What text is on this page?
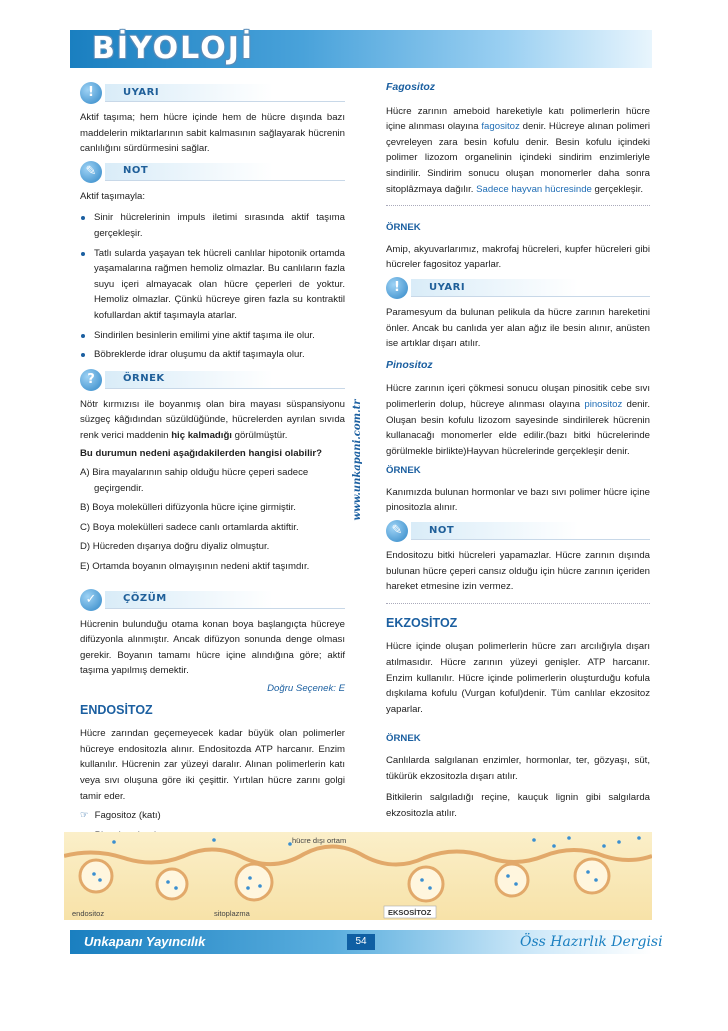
BİYOLOJİ
!	UYARI
Aktif taşıma; hem hücre içinde hem de hücre dışında bazı maddelerin miktarlarının sabit kalmasının sağlayarak hücrenin canlılığını sürdürmesini sağlar.
✎	NOT
Aktif taşımayla:
Sinir hücrelerinin impuls iletimi sırasında aktif taşıma gerçekleşir.
Tatlı sularda yaşayan tek hücreli canlılar hipotonik ortamda yaşamalarına rağmen hemoliz olmazlar. Bu canlıların fazla suyu içeri almayacak olan hücre çeperleri de yoktur. Hemoliz olmazlar. Çünkü hücreye giren fazla su kontraktil kofullardan aktif taşımayla atarlar.
Sindirilen besinlerin emilimi yine aktif taşıma ile olur.
Böbreklerde idrar oluşumu da aktif taşımayla olur.
?	ÖRNEK
Nötr kırmızısı ile boyanmış olan bira mayası süspansiyonu süzgeç kâğıdından süzüldüğünde, hücrelerden ayrılan sıvıda renk verici maddenin hiç kalmadığı görülmüştür.
Bu durumun nedeni aşağıdakilerden hangisi olabilir?
A) Bira mayalarının sahip olduğu hücre çeperi sadece geçirgendir.
B) Boya molekülleri difüzyonla hücre içine girmiştir.
C) Boya molekülleri sadece canlı ortamlarda aktiftir.
D) Hücreden dışarıya doğru diyaliz olmuştur.
E) Ortamda boyanın olmayışının nedeni aktif taşımdır.
✓	ÇÖZÜM
Hücrenin bulunduğu otama konan boya başlangıçta hücreye difüzyonla alınmıştır. Ancak difüzyon sonunda denge olması gerekir. Boyanın tamamı hücre içine alındığına göre; aktif taşıma yapılmış demektir.
Doğru Seçenek: E
ENDOSİTOZ
Hücre zarından geçemeyecek kadar büyük olan polimerler hücreye endositozla alınır. Endositozda ATP harcanır. Enzim kullanılır. Hücrenin zar yüzeyi daralır. Alınan polimerlerin katı veya sıvı oluşuna göre iki çeşittir. Yırtılan hücre zarını golgi tamir eder.
☞ Fagositoz (katı)
www.unkapani.com.tr
Fagositoz
Hücre zarının ameboid hareketiyle katı polimerlerin hücre içine alınması olayına fagositoz denir. Hücreye alınan polimeri çevreleyen zara besin kofulu denir. Besin kofulu içindeki polimer lizozom organelinin içindeki sindirim enzimleriyle sindirilir. Sindirim sonucu oluşan monomerler daha sonra sitoplâzmaya dağılır. Sadece hayvan hücresinde gerçekleşir.
ÖRNEK
Amip, akyuvarlarımız, makrofaj hücreleri, kupfer hücreleri gibi hücreler fagositoz yaparlar.
!	UYARI
Paramesyum da bulunan pelikula da hücre zarının hareketini önler. Ancak bu canlıda yer alan ağız ile besin alınır, anüsten ise artıklar dışarı atılır.
Pinositoz
Hücre zarının içeri çökmesi sonucu oluşan pinositik cebe sıvı polimerlerin dolup, hücreye alınması olayına pinositoz denir. Oluşan besin kofulu lizozom sayesinde sindirilerek hücrenin kullanacağı monomerler elde edilir.(bazı bitki hücrelerinde görülmekle birlikte)Hayvan hücrelerinde gerçekleşir denir.
ÖRNEK
Kanımızda bulunan hormonlar ve bazı sıvı polimer hücre içine pinositozla alınır.
✎	NOT
Endositozu bitki hücreleri yapamazlar. Hücre zarının dışında bulunan hücre çeperi cansız olduğu için hücre zarının içeriden hareket etmesine izin vermez.
EKZOSİTOZ
Hücre içinde oluşan polimerlerin hücre zarı arcılığıyla dışarı atılmasıdır. Hücre zarının yüzeyi genişler. ATP harcanır. Enzim kullanılır. Hücre içinde polimerlerin oluşturduğu kofula dışkılama kofulu (Vurgan koful)denir. Tüm canlılar ekzositoz yaparlar.
ÖRNEK
Canlılarda salgılanan enzimler, hormonlar, ter, gözyaşı, süt, tükürük ekzositozla dışarı atılır.
Bitkilerin salgıladığı reçine, kauçuk lignin gibi salgılarda ekzositozla atılır.
hücre dışı ortam
endositoz	sitoplazma	EKSOSİTOZ
Unkapanı Yayıncılık	54	Öss Hazırlık Dergisi
